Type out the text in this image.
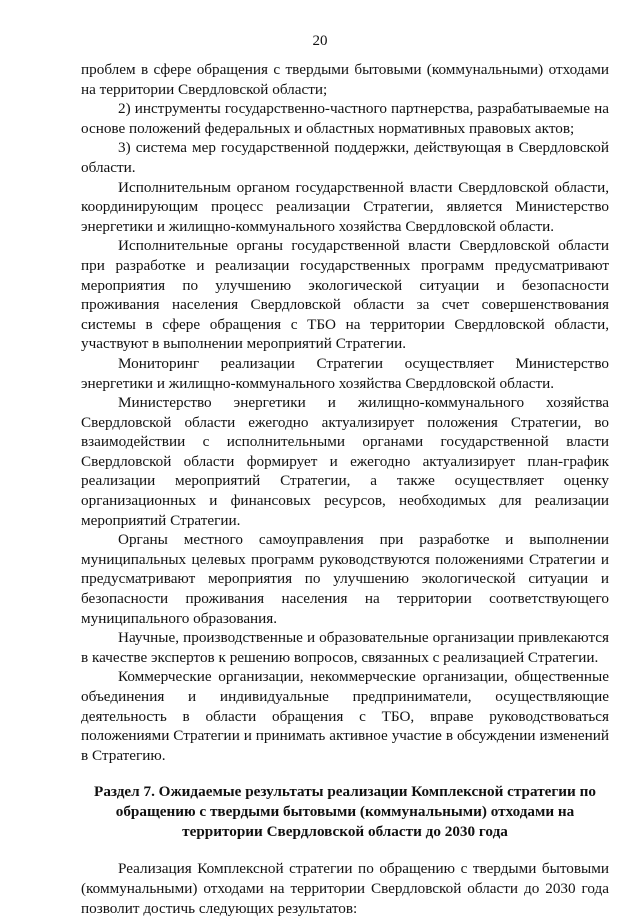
20

проблем в сфере обращения с твердыми бытовыми (коммунальными) отходами на территории Свердловской области;

2) инструменты государственно-частного партнерства, разрабатываемые на основе положений федеральных и областных нормативных правовых актов;

3) система мер государственной поддержки, действующая в Свердловской области.

Исполнительным органом государственной власти Свердловской области, координирующим процесс реализации Стратегии, является Министерство энергетики и жилищно-коммунального хозяйства Свердловской области.

Исполнительные органы государственной власти Свердловской области при разработке и реализации государственных программ предусматривают мероприятия по улучшению экологической ситуации и безопасности проживания населения Свердловской области за счет совершенствования системы в сфере обращения с ТБО на территории Свердловской области, участвуют в выполнении мероприятий Стратегии.

Мониторинг реализации Стратегии осуществляет Министерство энергетики и жилищно-коммунального хозяйства Свердловской области.

Министерство энергетики и жилищно-коммунального хозяйства Свердловской области ежегодно актуализирует положения Стратегии, во взаимодействии с исполнительными органами государственной власти Свердловской области формирует и ежегодно актуализирует план-график реализации мероприятий Стратегии, а также осуществляет оценку организационных и финансовых ресурсов, необходимых для реализации мероприятий Стратегии.

Органы местного самоуправления при разработке и выполнении муниципальных целевых программ руководствуются положениями Стратегии и предусматривают мероприятия по улучшению экологической ситуации и безопасности проживания населения на территории соответствующего муниципального образования.

Научные, производственные и образовательные организации привлекаются в качестве экспертов к решению вопросов, связанных с реализацией Стратегии.

Коммерческие организации, некоммерческие организации, общественные объединения и индивидуальные предприниматели, осуществляющие деятельность в области обращения с ТБО, вправе руководствоваться положениями Стратегии и принимать активное участие в обсуждении изменений в Стратегию.

Раздел 7. Ожидаемые результаты реализации Комплексной стратегии по обращению с твердыми бытовыми (коммунальными) отходами на территории Свердловской области до 2030 года

Реализация Комплексной стратегии по обращению с твердыми бытовыми (коммунальными) отходами на территории Свердловской области до 2030 года позволит достичь следующих результатов:
